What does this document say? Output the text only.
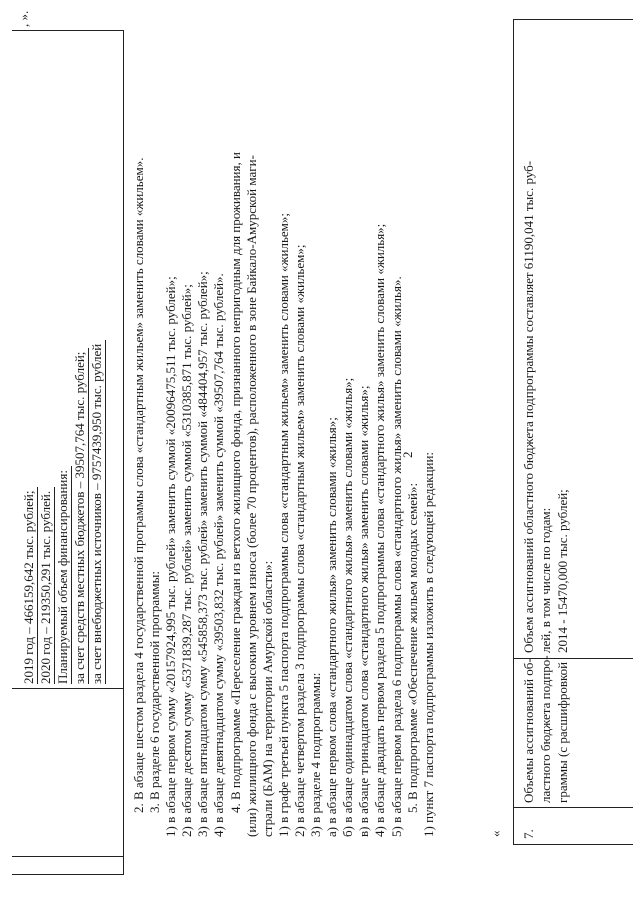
2
2019 год – 466159,642 тыс. рублей; 2020 год – 219350,291 тыс. рублей. Планируемый объем финансирования: за счет средств местных бюджетов – 39507,764 тыс. рублей; за счет внебюджетных источников – 9757439,950 тыс. рублей
, ».

2. В абзаце шестом раздела 4 государственной программы слова «стандартным жильем» заменить словами «жильем». 3. В разделе 6 государственной программы: 1) в абзаце первом сумму «20157924,995 тыс. рублей» заменить суммой «20096475,511 тыс. рублей»; 2) в абзаце десятом сумму «5371839,287 тыс. рублей» заменить суммой «5310385,871 тыс. рублей»; 3) в абзаце пятнадцатом сумму «545858,373 тыс. рублей» заменить суммой «484404,957 тыс. рублей»; 4) в абзаце девятнадцатом сумму «39503,832 тыс. рублей» заменить суммой «39507,764 тыс. рублей». 4. В подпрограмме «Переселение граждан из ветхого жилищного фонда, признанного непригодным для проживания, и (или) жилищного фонда с высоким уровнем износа (более 70 процентов), расположенного в зоне Байкало-Амурской маги- страли (БАМ) на территории Амурской области»: 1) в графе третьей пункта 5 паспорта подпрограммы слова «стандартным жильем» заменить словами «жильем»; 2) в абзаце четвертом раздела 3 подпрограммы слова «стандартным жильем» заменить словами «жильем»; 3) в разделе 4 подпрограммы: а) в абзаце первом слова «стандартного жилья» заменить словами «жилья»; б) в абзаце одиннадцатом слова «стандартного жилья» заменить словами «жилья»; в) в абзаце тринадцатом слова «стандартного жилья» заменить словами «жилья»; 4) в абзаце двадцать первом раздела 5 подпрограммы слова «стандартного жилья» заменить словами «жилья»; 5) в абзаце первом раздела 6 подпрограммы слова «стандартного жилья» заменить словами «жилья». 5. В подпрограмме «Обеспечение жильем молодых семей»: 1) пункт 7 паспорта подпрограммы изложить в следующей редакции:	« 7.
Объемы ассигнований об- ластного бюджета подпро- граммы (с расшифровкой
Объем ассигнований областного бюджета подпрограммы составляет 61190,041 тыс. руб- лей, в том числе по годам: 2014 - 15470,000 тыс. рублей;
